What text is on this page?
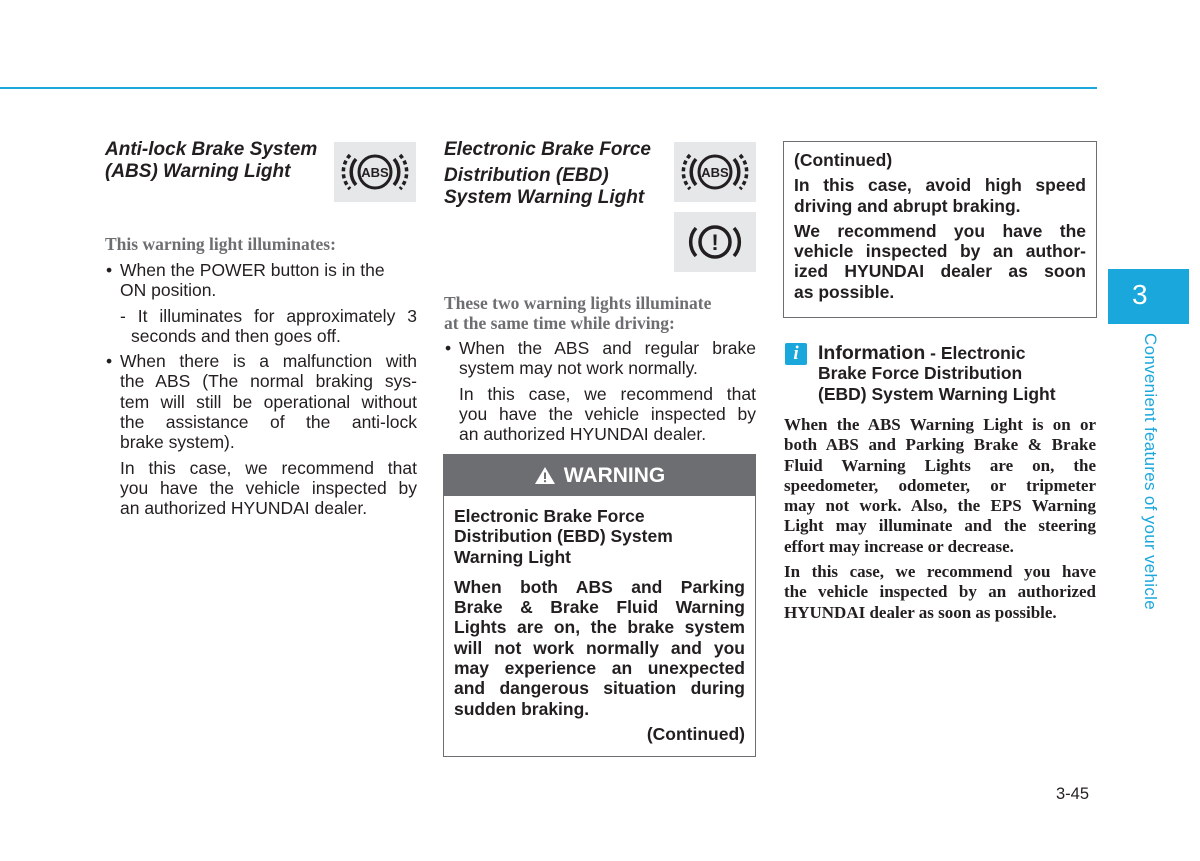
Anti-lock Brake System

(ABS) Warning Light	ABS

This warning light illuminates:

• When the POWER button is in the
ON position.
- It illuminates for approximately 3
seconds and then goes off.
• When there is a malfunction with
the ABS (The normal braking sys-
tem will still be operational without
the assistance of the anti-lock
brake system).
In this case, we recommend that
you have the vehicle inspected by
an authorized HYUNDAI dealer.

Electronic Brake Force

Distribution (EBD)

System Warning Light

ABS
!

These two warning lights illuminate

at the same time while driving:

• When the ABS and regular brake
system may not work normally.
In this case, we recommend that
you have the vehicle inspected by
an authorized HYUNDAI dealer.
WARNING
Electronic Brake Force
Distribution (EBD) System
Warning Light
When both ABS and Parking
Brake & Brake Fluid Warning
Lights are on, the brake system
will not work normally and you
may experience an unexpected
and dangerous situation during
sudden braking.
(Continued)
(Continued)
In this case, avoid high speed
driving and abrupt braking.
We recommend you have the
vehicle inspected by an author-
ized HYUNDAI dealer as soon
as possible.
i Information - Electronic
Brake Force Distribution
(EBD) System Warning Light
When the ABS Warning Light is on or
both ABS and Parking Brake & Brake
Fluid Warning Lights are on, the
speedometer, odometer, or tripmeter
may not work. Also, the EPS Warning
Light may illuminate and the steering
effort may increase or decrease.
In this case, we recommend you have
the vehicle inspected by an authorized
HYUNDAI dealer as soon as possible.
3
Convenient features of your vehicle
3-45
